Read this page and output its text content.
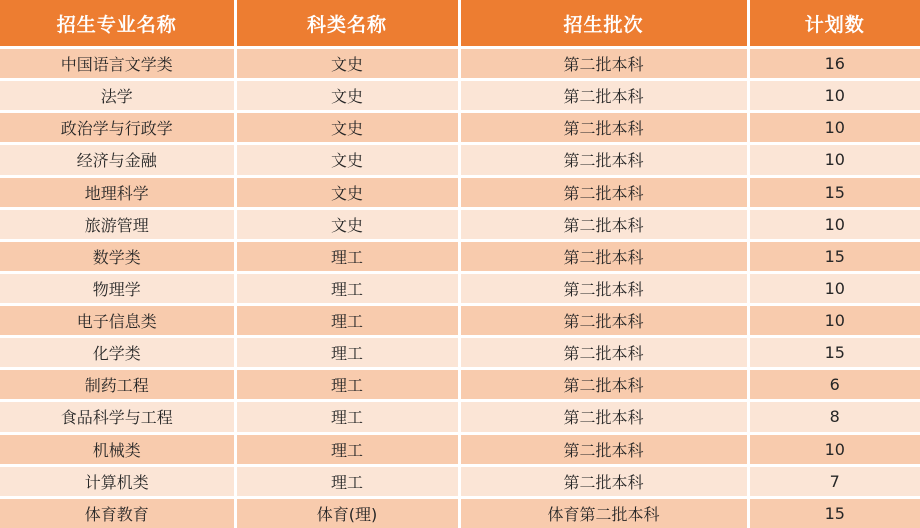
招生专业名称	科类名称	招生批次	计划数
中国语言文学类	文史	第二批本科	16
法学	文史	第二批本科	10
政治学与行政学	文史	第二批本科	10
经济与金融	文史	第二批本科	10
地理科学	文史	第二批本科	15
旅游管理	文史	第二批本科	10
数学类	理工	第二批本科	15
物理学	理工	第二批本科	10
电子信息类	理工	第二批本科	10
化学类	理工	第二批本科	15
制药工程	理工	第二批本科	6
食品科学与工程	理工	第二批本科	8
机械类	理工	第二批本科	10
计算机类	理工	第二批本科	7
体育教育	体育(理)	体育第二批本科	15
